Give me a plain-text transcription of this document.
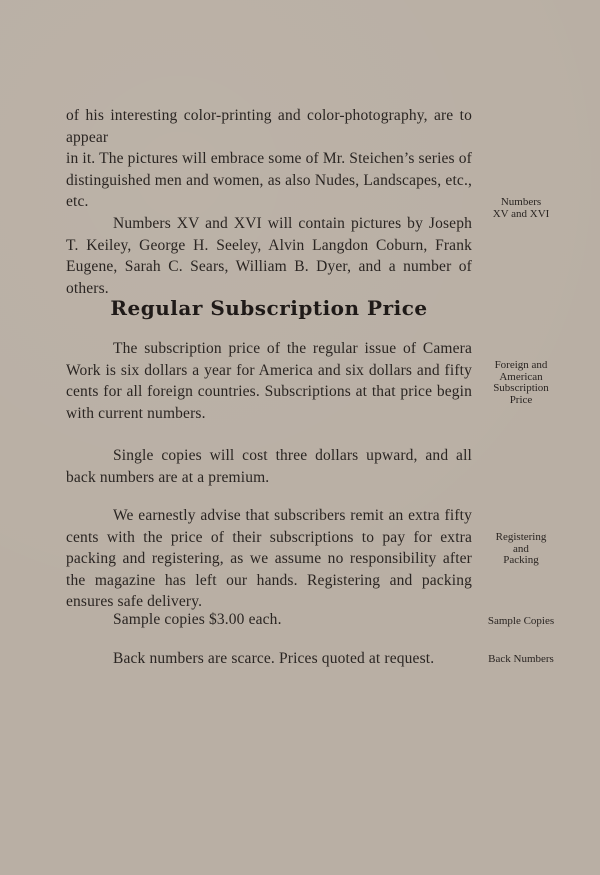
of his interesting color-printing and color-photography, are to appear

in it. The pictures will embrace some of Mr. Steichen’s series of

distinguished men and women, as also Nudes, Landscapes, etc., etc.

Numbers XV and XVI will contain pictures by Joseph T. Keiley, George H. Seeley, Alvin Langdon Coburn, Frank Eugene, Sarah C. Sears, William B. Dyer, and a number of others.

Numbers
XV and XVI
Regular Subscription Price

The subscription price of the regular issue of Camera Work is six dollars a year for America and six dollars and fifty cents for all foreign countries. Subscriptions at that price begin with current numbers.

Foreign and
American
Subscription
Price

Single copies will cost three dollars upward, and all back numbers are at a premium.

We earnestly advise that subscribers remit an extra fifty cents with the price of their subscriptions to pay for extra packing and registering, as we assume no responsibility after the magazine has left our hands. Registering and packing ensures safe delivery.

Registering
and
Packing

Sample copies $3.00 each.	Sample Copies

Back numbers are scarce. Prices quoted at request.	Back Numbers
